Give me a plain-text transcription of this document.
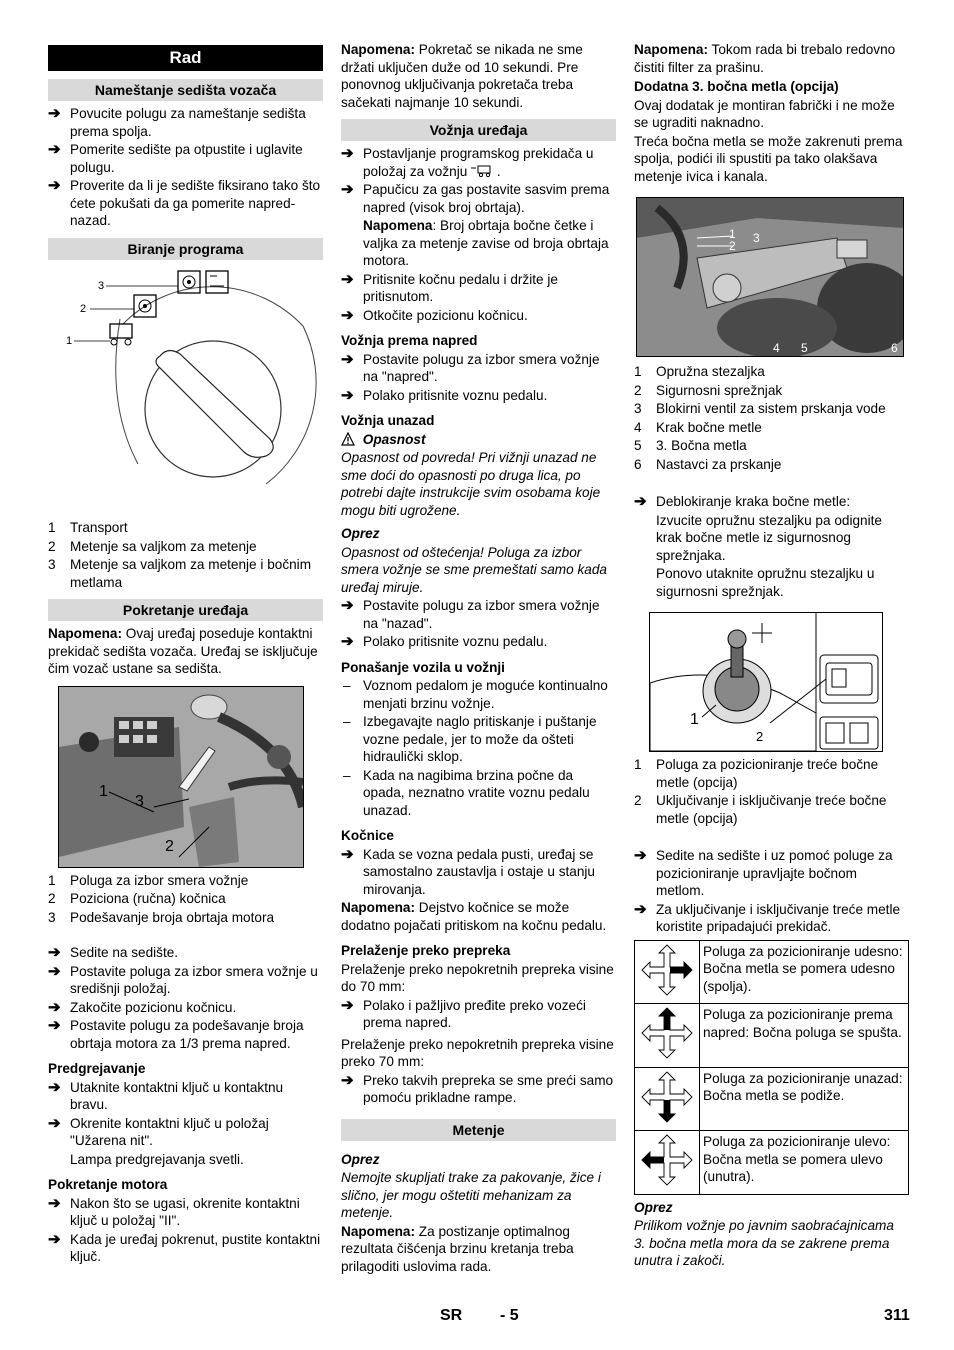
Rad
Nameštanje sedišta vozača
➔ Povucite polugu za nameštanje sedišta prema spolja.
➔ Pomerite sedište pa otpustite i uglavite polugu.
➔ Proverite da li je sedište fiksirano tako što ćete pokušati da ga pomerite napred-nazad.
Biranje programa
3
2
1
1 Transport
2 Metenje sa valjkom za metenje
3 Metenje sa valjkom za metenje i bočnim metlama
Pokretanje uređaja
Napomena: Ovaj uređaj poseduje kontaktni prekidač sedišta vozača. Uređaj se isključuje čim vozač ustane sa sedišta.
1
3
2
1 Poluga za izbor smera vožnje
2 Poziciona (ručna) kočnica
3 Podešavanje broja obrtaja motora
➔ Sedite na sedište.
➔ Postavite poluga za izbor smera vožnje u središnji položaj.
➔ Zakočite pozicionu kočnicu.
➔ Postavite polugu za podešavanje broja obrtaja motora za 1/3 prema napred.
Predgrejavanje
➔ Utaknite kontaktni ključ u kontaktnu bravu.
➔ Okrenite kontaktni ključ u položaj "Užarena nit".
Lampa predgrejavanja svetli.
Pokretanje motora
➔ Nakon što se ugasi, okrenite kontaktni ključ u položaj "II".
➔ Kada je uređaj pokrenut, pustite kontaktni ključ.
Napomena: Pokretač se nikada ne sme držati uključen duže od 10 sekundi. Pre ponovnog uključivanja pokretača treba sačekati najmanje 10 sekundi.
Vožnja uređaja
➔ Postavljanje programskog prekidača u položaj za vožnju  .
➔ Papučicu za gas postavite sasvim prema napred (visok broj obrtaja).
Napomena: Broj obrtaja bočne četke i valjka za metenje zavise od broja obrtaja motora.
➔ Pritisnite kočnu pedalu i držite je pritisnutom.
➔ Otkočite pozicionu kočnicu.
Vožnja prema napred
➔ Postavite polugu za izbor smera vožnje na "napred".
➔ Polako pritisnite voznu pedalu.
Vožnja unazad
Opasnost
Opasnost od povreda! Pri vižnji unazad ne sme doći do opasnosti po druga lica, po potrebi dajte instrukcije svim osobama koje mogu biti ugrožene.
Oprez
Opasnost od oštećenja! Poluga za izbor smera vožnje se sme premeštati samo kada uređaj miruje.
➔ Postavite polugu za izbor smera vožnje na "nazad".
➔ Polako pritisnite voznu pedalu.
Ponašanje vozila u vožnji
– Voznom pedalom je moguće kontinualno menjati brzinu vožnje.
– Izbegavajte naglo pritiskanje i puštanje vozne pedale, jer to može da ošteti hidraulički sklop.
– Kada na nagibima brzina počne da opada, neznatno vratite voznu pedalu unazad.
Kočnice
➔ Kada se vozna pedala pusti, uređaj se samostalno zaustavlja i ostaje u stanju mirovanja.
Napomena: Dejstvo kočnice se može dodatno pojačati pritiskom na kočnu pedalu.
Prelaženje preko prepreka
Prelaženje preko nepokretnih prepreka visine do 70 mm:
➔ Polako i pažljivo pređite preko vozeći prema napred.
Prelaženje preko nepokretnih prepreka visine preko 70 mm:
➔ Preko takvih prepreka se sme preći samo pomoću prikladne rampe.
Metenje
Oprez
Nemojte skupljati trake za pakovanje, žice i slično, jer mogu oštetiti mehanizam za metenje.
Napomena: Za postizanje optimalnog rezultata čišćenja brzinu kretanja treba prilagoditi uslovima rada.
Napomena: Tokom rada bi trebalo redovno čistiti filter za prašinu.
Dodatna 3. bočna metla (opcija)
Ovaj dodatak je montiran fabrički i ne može se ugraditi naknadno.
Treća bočna metla se može zakrenuti prema spolja, podići ili spustiti pa tako olakšava metenje ivica i kanala.
1
2
3
4 5	6
1 Opružna stezaljka
2 Sigurnosni sprežnjak
3 Blokirni ventil za sistem prskanja vode
4 Krak bočne metle
5 3. Bočna metla
6 Nastavci za prskanje
➔ Deblokiranje kraka bočne metle:
Izvucite opružnu stezaljku pa odignite krak bočne metle iz sigurnosnog sprežnjaka.
Ponovo utaknite opružnu stezaljku u sigurnosni sprežnjak.
1
2
1 Poluga za pozicioniranje treće bočne metle (opcija)
2 Uključivanje i isključivanje treće bočne metle (opcija)
➔ Sedite na sedište i uz pomoć poluge za pozicioniranje upravljajte bočnom metlom.
➔ Za uključivanje i isključivanje treće metle koristite pripadajući prekidač.
	Poluga za pozicioniranje udesno: Bočna metla se pomera udesno (spolja).
	Poluga za pozicioniranje prema napred: Bočna poluga se spušta.
	Poluga za pozicioniranje unazad: Bočna metla se podiže.
	Poluga za pozicioniranje ulevo: Bočna metla se pomera ulevo (unutra).
Oprez
Prilikom vožnje po javnim saobraćajnicama 3. bočna metla mora da se zakrene prema unutra i zakoči.
SR - 5	311
